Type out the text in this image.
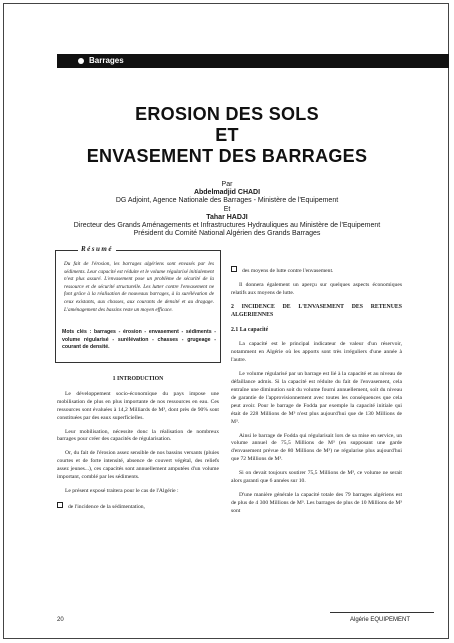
Barrages
EROSION DES SOLS
ET
ENVASEMENT DES BARRAGES
Par
Abdelmadjid CHADI
DG Adjoint, Agence Nationale des Barrages - Ministère de l'Equipement
Et
Tahar HADJI
Directeur des Grands Aménagements et Infrastructures Hydrauliques au Ministère de l'Equipement
Président du Comité National Algérien des Grands Barrages
Résumé
Du fait de l'érosion, les barrages algériens sont envasés par les sédiments. Leur capacité est réduite et le volume régularisé initialement n'est plus assuré. L'envasement pose un problème de sécurité de la ressource et de sécurité structurelle. Les lutter contre l'envasement ne font grâce à la réalisation de nouveaux barrages, à la surélévation de ceux existants, aux chasses, aux courants de densité et au dragage. L'aménagement des bassins reste un moyen efficace.
Mots clés : barrages - érosion - envasement - sédiments - volume régularisé - surélévation - chasses - grugeage - courant de densité.

1 INTRODUCTION

Le développement socio-économique du pays impose une mobilisation de plus en plus importante de nos ressources en eau. Ces ressources sont évaluées à 14,2 Milliards de M³, dont près de 90% sont constituées par des eaux superficielles.

Leur mobilisation, nécessite donc la réalisation de nombreux barrages pour créer des capacités de régularisation.

Or, du fait de l'érosion assez sensible de nos bassins versants (pluies courtes et de forte intensité, absence de couvert végétal, des reliefs assez jeunes...), ces capacités sont annuellement amputées d'un volume important, comblé par les sédiments.

Le présent exposé traitera pour le cas de l'Algérie :

de l'incidence de la sédimentation,

des moyens de lutte contre l'envasement.

Il donnera également un aperçu sur quelques aspects économiques relatifs aux moyens de lutte.

2 INCIDENCE DE L'ENVASEMENT DES RETENUES ALGERIENNES

2.1 La capacité

La capacité est le principal indicateur de valeur d'un réservoir, notamment en Algérie où les apports sont très irréguliers d'une année à l'autre.

Le volume régularisé par un barrage est lié à la capacité et au niveau de défaillance admis. Si la capacité est réduite du fait de l'envasement, cela entraîne une diminution soit du volume fourni annuellement, soit du niveau de garantie de l'approvisionnement avec toutes les conséquences que cela peut avoir. Pour le barrage de Fodda par exemple la capacité initiale qui était de 228 Millions de M³ n'est plus aujourd'hui que de 130 Millions de M³.

Ainsi le barrage de Fodda qui régularisait lors de sa mise en service, un volume annuel de 75,5 Millions de M³ (en supposant une garde d'envasement prévue de 80 Millions de M³) ne régularise plus aujourd'hui que 72 Millions de M³.

Si on devait toujours soutirer 75,5 Millions de M³, ce volume ne serait alors garanti que 6 années sur 10.

D'une manière générale la capacité totale des 79 barrages algériens est de plus de 4 300 Millions de M³. Les barrages de plus de 10 Millions de M³ sont

20	Algérie EQUIPEMENT
